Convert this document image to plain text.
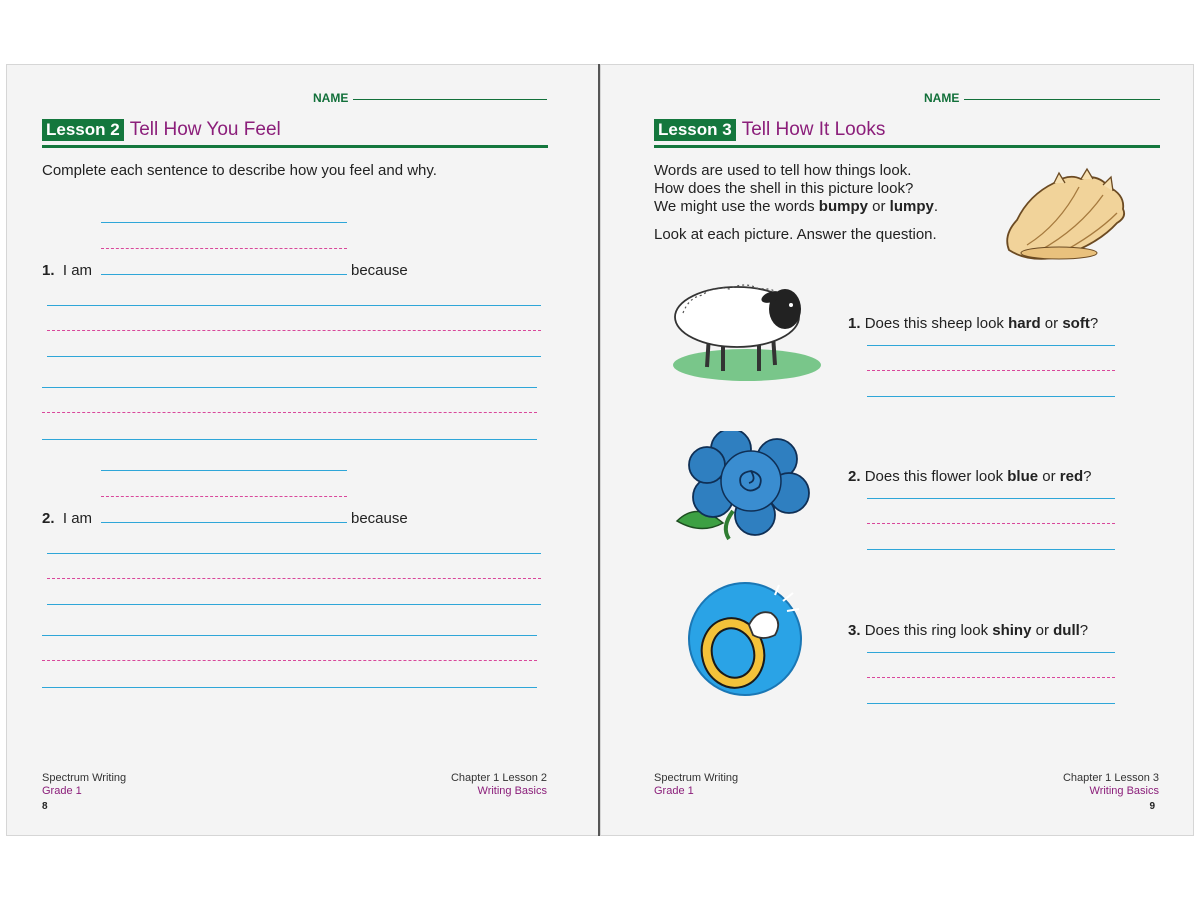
NAME
Lesson 2 Tell How You Feel
Complete each sentence to describe how you feel and why.
1. I am	because
2. I am	because
Spectrum Writing
Grade 1
Chapter 1 Lesson 2
Writing Basics
8
NAME
Lesson 3 Tell How It Looks
Words are used to tell how things look.
How does the shell in this picture look?
We might use the words bumpy or lumpy.
Look at each picture. Answer the question.
1. Does this sheep look hard or soft?
2. Does this flower look blue or red?
3. Does this ring look shiny or dull?
Spectrum Writing
Grade 1
Chapter 1 Lesson 3
Writing Basics
9
